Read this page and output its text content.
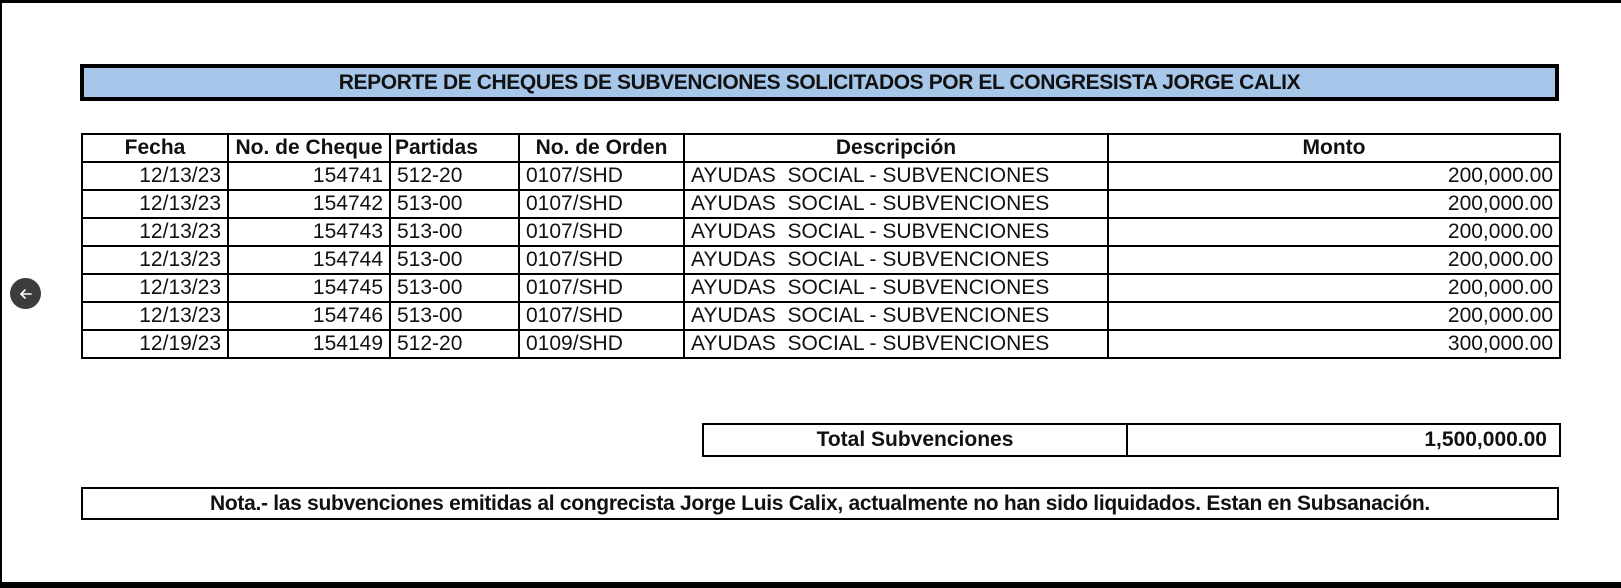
REPORTE DE CHEQUES DE SUBVENCIONES SOLICITADOS POR EL CONGRESISTA JORGE CALIX
Fecha	No. de Cheque	Partidas	No. de Orden	Descripción	Monto
12/13/23	154741	512-20	0107/SHD	AYUDAS  SOCIAL - SUBVENCIONES	200,000.00
12/13/23	154742	513-00	0107/SHD	AYUDAS  SOCIAL - SUBVENCIONES	200,000.00
12/13/23	154743	513-00	0107/SHD	AYUDAS  SOCIAL - SUBVENCIONES	200,000.00
12/13/23	154744	513-00	0107/SHD	AYUDAS  SOCIAL - SUBVENCIONES	200,000.00
12/13/23	154745	513-00	0107/SHD	AYUDAS  SOCIAL - SUBVENCIONES	200,000.00
12/13/23	154746	513-00	0107/SHD	AYUDAS  SOCIAL - SUBVENCIONES	200,000.00
12/19/23	154149	512-20	0109/SHD	AYUDAS  SOCIAL - SUBVENCIONES	300,000.00
Total Subvenciones	1,500,000.00
Nota.- las subvenciones emitidas al congrecista Jorge Luis Calix, actualmente no han sido liquidados. Estan en Subsanación.
